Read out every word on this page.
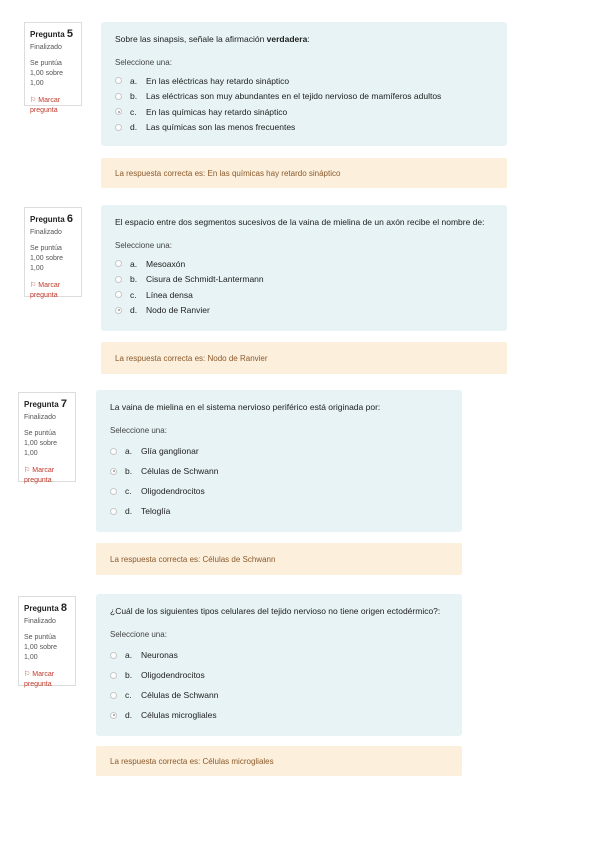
Pregunta 5
Finalizado
Se puntúa 1,00 sobre 1,00
⚐ Marcar pregunta

Sobre las sinapsis, señale la afirmación verdadera:

Seleccione una:

a.	En las eléctricas hay retardo sináptico
b.	Las eléctricas son muy abundantes en el tejido nervioso de mamíferos adultos
c.	En las químicas hay retardo sináptico
d.	Las químicas son las menos frecuentes
La respuesta correcta es: En las químicas hay retardo sináptico
Pregunta 6
Finalizado
Se puntúa 1,00 sobre 1,00
⚐ Marcar pregunta

El espacio entre dos segmentos sucesivos de la vaina de mielina de un axón recibe el nombre de:

Seleccione una:

a.	Mesoaxón
b.	Cisura de Schmidt-Lantermann
c.	Línea densa
d.	Nodo de Ranvier
La respuesta correcta es: Nodo de Ranvier
Pregunta 7
Finalizado
Se puntúa 1,00 sobre 1,00
⚐ Marcar pregunta

La vaina de mielina en el sistema nervioso periférico está originada por:

Seleccione una:

a.	Glía ganglionar
b.	Células de Schwann
c.	Oligodendrocitos
d.	Teloglía
La respuesta correcta es: Células de Schwann
Pregunta 8
Finalizado
Se puntúa 1,00 sobre 1,00
⚐ Marcar pregunta

¿Cuál de los siguientes tipos celulares del tejido nervioso no tiene origen ectodérmico?:

Seleccione una:

a.	Neuronas
b.	Oligodendrocitos
c.	Células de Schwann
d.	Células microgliales
La respuesta correcta es: Células microgliales
